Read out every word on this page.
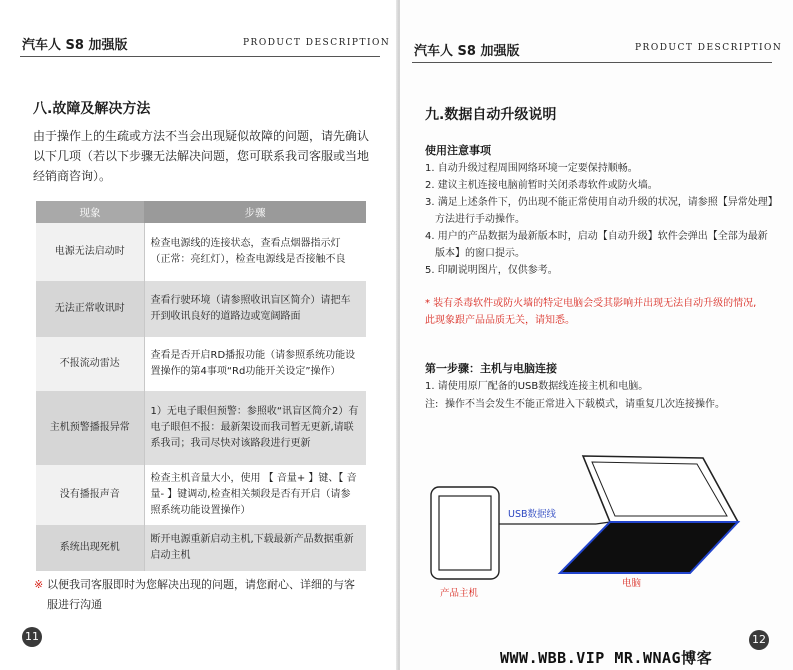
汽车人 S8 加强版	PRODUCT DESCRIPTION
八.故障及解决方法
由于操作上的生疏或方法不当会出现疑似故障的问题，请先确认以下几项（若以下步骤无法解决问题，您可联系我司客服或当地经销商咨询）。
现象	步骤
电源无法启动时	检查电源线的连接状态，查看点烟器指示灯（正常：亮红灯），检查电源线是否接触不良
无法正常收讯时	查看行驶环境（请参照收讯盲区简介）请把车开到收讯良好的道路边或宽阔路面
不报流动雷达	查看是否开启RD播报功能（请参照系统功能设置操作的第4事项“Rd功能开关设定”操作）
主机预警播报异常	1）无电子眼但预警：参照收“讯盲区简介2）有电子眼但不报：最新架设而我司暂无更新,请联系我司；我司尽快对该路段进行更新
没有播报声音	检查主机音量大小，使用 【 音量+ 】键、【 音量- 】键调动,检查相关频段是否有开启（请参照系统功能设置操作）
系统出现死机	断开电源重新启动主机,下载最新产品数据重新启动主机
※ 以便我司客服即时为您解决出现的问题，请您耐心、详细的与客服进行沟通
11
汽车人 S8 加强版	PRODUCT DESCRIPTION
九.数据自动升级说明
使用注意事项
1. 自动升级过程周围网络环境一定要保持顺畅。
2. 建议主机连接电脑前暂时关闭杀毒软件或防火墙。
3. 满足上述条件下，仍出现不能正常使用自动升级的状况，请参照【异常处理】
方法进行手动操作。
4. 用户的产品数据为最新版本时，启动【自动升级】软件会弹出【全部为最新
版本】的窗口提示。
5. 印刷说明图片，仅供参考。
* 装有杀毒软件或防火墙的特定电脑会受其影响并出现无法自动升级的情况,此现象跟产品品质无关，请知悉。
第一步骤：主机与电脑连接
1. 请使用原厂配备的USB数据线连接主机和电脑。
注: 操作不当会发生不能正常进入下载模式，请重复几次连接操作。
USB数据线
产品主机
电脑
12
WWW.WBB.VIP MR.WNAG博客
